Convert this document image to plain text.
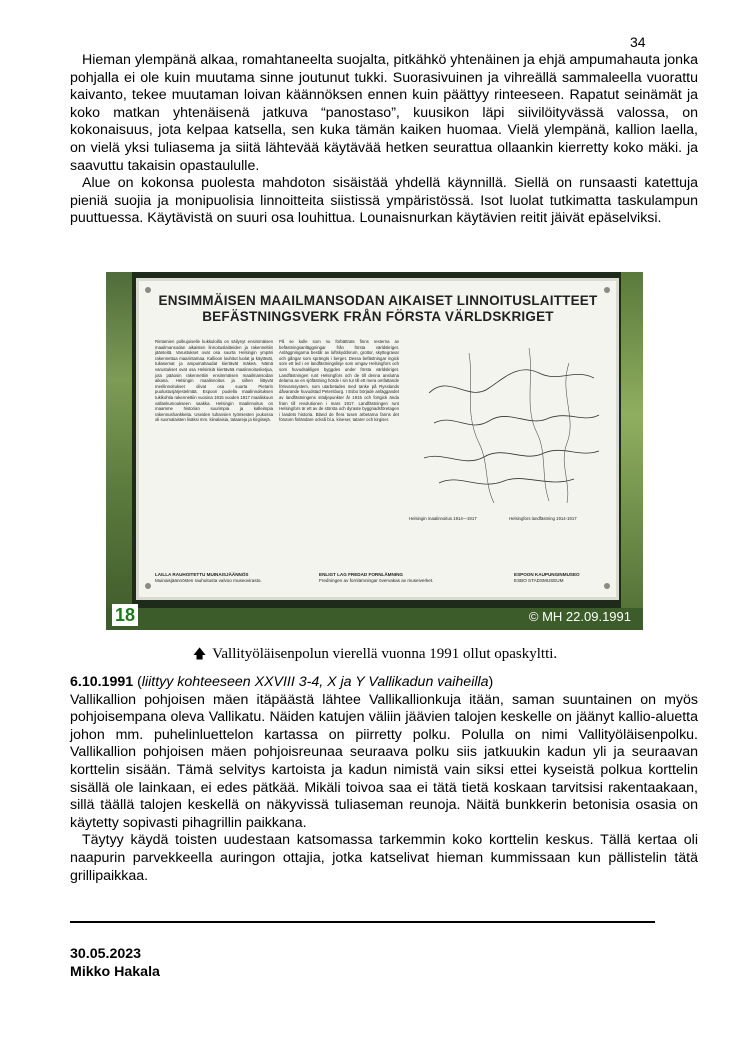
34

Hieman ylempänä alkaa, romahtaneelta suojalta, pitkähkö yhtenäinen ja ehjä ampumahauta jonka pohjalla ei ole kuin muutama sinne joutunut tukki. Suorasivuinen ja vihreällä sammaleella vuorattu kaivanto, tekee muutaman loivan käännöksen ennen kuin päättyy rinteeseen. Rapatut seinämät ja koko matkan yhtenäisenä jatkuva “panostaso”, kuusikon läpi siivilöityvässä valossa, on kokonaisuus, jota kelpaa katsella, sen kuka tämän kaiken huomaa. Vielä ylempänä, kallion laella, on vielä yksi tuliasema ja siitä lähtevää käytävää hetken seurattua ollaankin kierretty koko mäki. ja saavuttu takaisin opastaululle.

Alue on kokonsa puolesta mahdoton sisäistää yhdellä käynnillä. Siellä on runsaasti katettuja pieniä suojia ja monipuolisia linnoitteita siistissä ympäristössä. Isot luolat tutkimatta taskulampun puuttuessa. Käytävistä on suuri osa louhittua. Lounaisnurkan käytävien reitit jäivät epäselviksi.

ENSIMMÄISEN MAAILMANSODAN AIKAISET LINNOITUSLAITTEET
BEFÄSTNINGSVERK FRÅN FÖRSTA VÄRLDSKRIGET
Rintamien polkujoiselle kukkuloilla on säilynyt ensimmäisen maailmansodan aikaisten linnoituslaitteiden ja rakenneltiin jäänteitä. Varustukset ovat osa suurta Helsingin ympäri rakennettua maarintamaa. Kallioon louhitut luolat ja käytävät, tuliasemat ja ampumahaudat kiertävät mäkeä. Nämä varustukset ovat osa Helsinkiä kiertävää maalinnoitusketjua, jota pääosin rakennettiin ensimmäisen maailmansodan aikana. Helsingin maalinnoitus ja siihen liittyvät merilinnoitukset olivat osa suurta Pietarin puolustusjärjestelmää. Espoon puolella maalinnoituksen tukikohtia rakennettiin vuosina 1915 vuoden 1917 maaliskuun vallankumoukseen saakka. Helsingin maalinnoitus on maamme historian suurimpia ja kalleimpia rakennushankkeita. Useiden tuhansien työmiesten joukossa oli suomalaisten lisäksi mm. kiinalaisia, tataareja ja kirgiisejä.
På se kulle som nu förbättrats finns resterna av befästningsanläggningar från första världskriget. Anläggningarna består av luftskyddsrum, grottor, skyttegravar och gångar som sprängts i berget. Dessa befästningar ingick som ett led i en landfästningslinje som omgav Helsingfors och som huvudsakligen byggdes under första världskriget. Landfästningen runt Helsingfors och de till denna anslutna delarna av en sjöfästning hörde i sin tur till ett mera omfattande försvarssystem, som utarbetades med tanke på Rysslands dåvarande huvudstad Petersburg. I Esbo började anläggandet av landfästningens stödjepunkter år 1915 och fortgick ända fram till revolutionen i mars 1917. Landfästningen runt Helsingfors är ett av de största och dyraste byggnadsföretagen i landets historia. Bland de flera tusen arbetarna fanns det förutom finländare också bl.a. kineser, tatarer och kirgiser.
Helsingin maalinnoitus 1914—1917	Helsingfors landfästning 1914-1917
LAILLA RAUHOITETTU MUINAISJÄÄNNÖS
Muinaisjäännösten rauhoitusta valvoo museovirasto.
ENLIGT LAG FREDAD FORNLÄMNING
Fredningen av fornlämningar övervakas av museiverket.
ESPOON KAUPUNGINMUSEO
ESBO STADSMUSEUM
18	© MH 22.09.1991
🡅 Vallityöläisenpolun vierellä vuonna 1991 ollut opaskyltti.

6.10.1991 (liittyy kohteeseen XXVIII 3-4, X ja Y Vallikadun vaiheilla)

Vallikallion pohjoisen mäen itäpäästä lähtee Vallikallionkuja itään, saman suuntainen on myös pohjoisempana oleva Vallikatu. Näiden katujen väliin jäävien talojen keskelle on jäänyt kallio-aluetta johon mm. puhelinluettelon kartassa on piirretty polku. Polulla on nimi Vallityöläisenpolku. Vallikallion pohjoisen mäen pohjoisreunaa seuraava polku siis jatkuukin kadun yli ja seuraavan korttelin sisään. Tämä selvitys kartoista ja kadun nimistä vain siksi ettei kyseistä polkua korttelin sisällä ole lainkaan, ei edes pätkää. Mikäli toivoa saa ei tätä tietä koskaan tarvitsisi rakentaakaan, sillä täällä talojen keskellä on näkyvissä tuliaseman reunoja. Näitä bunkkerin betonisia osasia on käytetty sopivasti pihagrillin paikkana.

Täytyy käydä toisten uudestaan katsomassa tarkemmin koko korttelin keskus. Tällä kertaa oli naapurin parvekkeella auringon ottajia, jotka katselivat hieman kummissaan kun pällistelin tätä grillipaikkaa.

30.05.2023
Mikko Hakala
